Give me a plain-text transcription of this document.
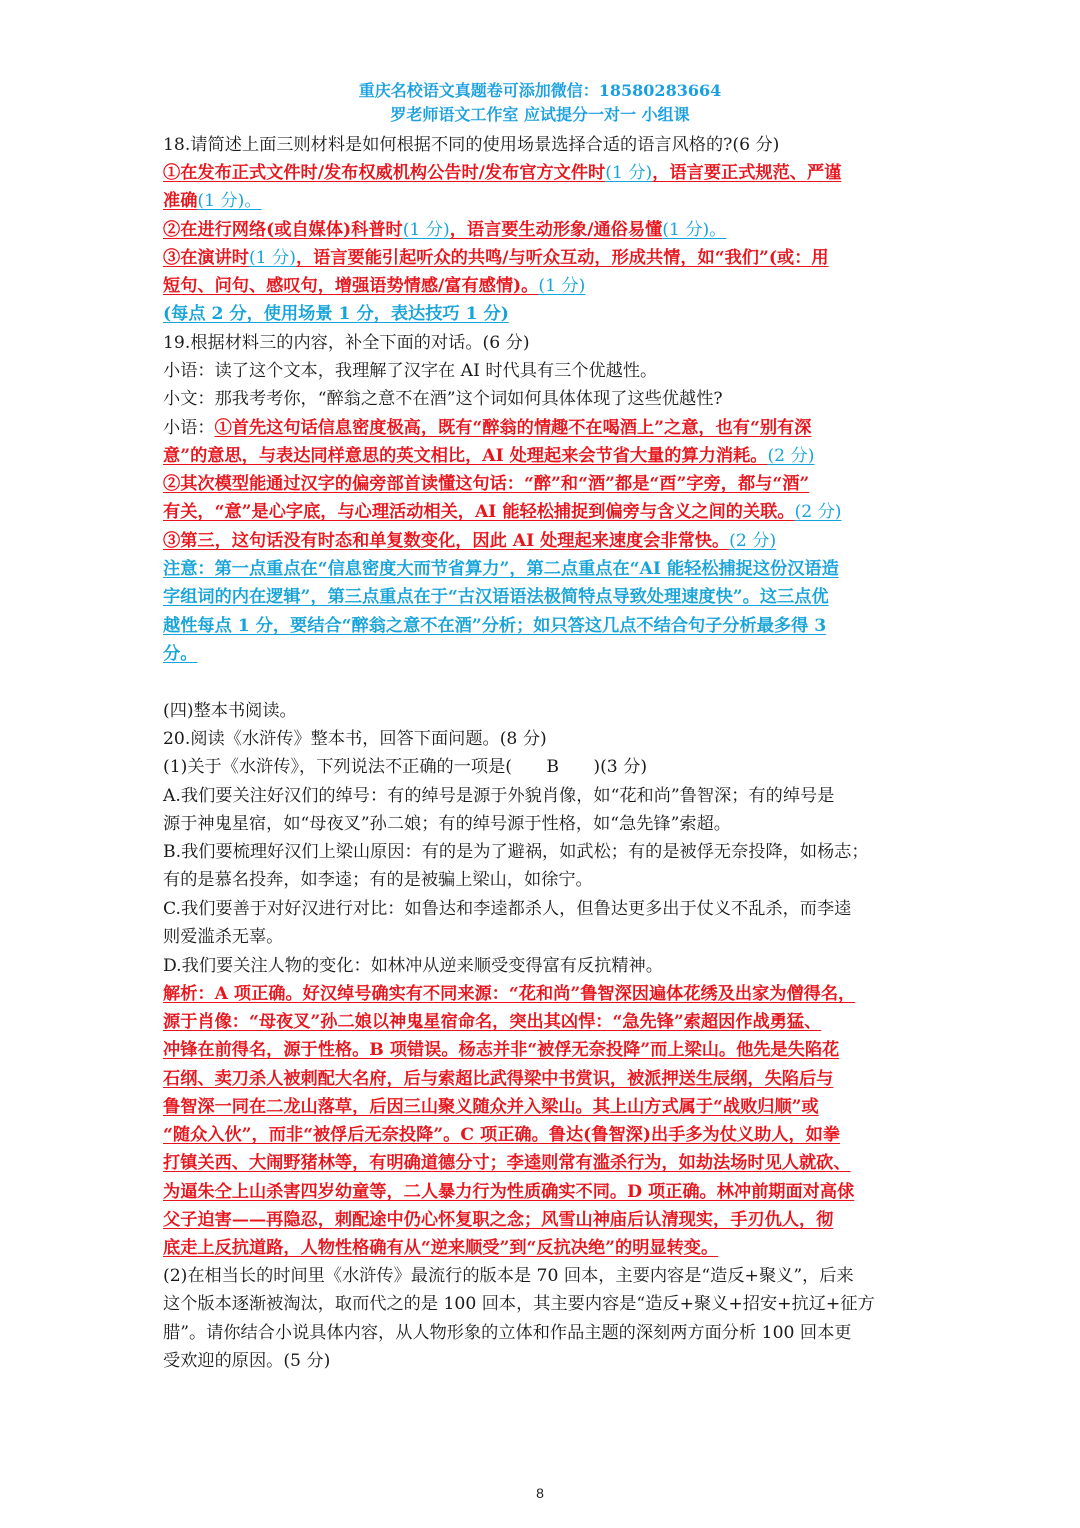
重庆名校语文真题卷可添加微信：18580283664
罗老师语文工作室 应试提分一对一 小组课
18.请简述上面三则材料是如何根据不同的使用场景选择合适的语言风格的?(6 分)
①在发布正式文件时/发布权威机构公告时/发布官方文件时(1 分)，语言要正式规范、严谨
准确(1 分)。
②在进行网络(或自媒体)科普时(1 分)，语言要生动形象/通俗易懂(1 分)。
③在演讲时(1 分)，语言要能引起听众的共鸣/与听众互动，形成共情，如“我们”(或：用
短句、问句、感叹句，增强语势情感/富有感情)。(1 分)
(每点 2 分，使用场景 1 分，表达技巧 1 分)
19.根据材料三的内容，补全下面的对话。(6 分)
小语：读了这个文本，我理解了汉字在 AI 时代具有三个优越性。
小文：那我考考你，“醉翁之意不在酒”这个词如何具体体现了这些优越性?
小语：①首先这句话信息密度极高，既有“醉翁的情趣不在喝酒上”之意，也有“别有深
意”的意思，与表达同样意思的英文相比，AI 处理起来会节省大量的算力消耗。(2 分)
②其次模型能通过汉字的偏旁部首读懂这句话：“醉”和“酒”都是“酉”字旁，都与“酒”
有关，“意”是心字底，与心理活动相关，AI 能轻松捕捉到偏旁与含义之间的关联。(2 分)
③第三，这句话没有时态和单复数变化，因此 AI 处理起来速度会非常快。(2 分)
注意：第一点重点在“信息密度大而节省算力”，第二点重点在“AI 能轻松捕捉这份汉语造
字组词的内在逻辑”，第三点重点在于“古汉语语法极简特点导致处理速度快”。这三点优
越性每点 1 分，要结合“醉翁之意不在酒”分析；如只答这几点不结合句子分析最多得 3
分。
(四)整本书阅读。
20.阅读《水浒传》整本书，回答下面问题。(8 分)
(1)关于《水浒传》，下列说法不正确的一项是(　　B　　)(3 分)
A.我们要关注好汉们的绰号：有的绰号是源于外貌肖像，如“花和尚”鲁智深；有的绰号是
源于神鬼星宿，如“母夜叉”孙二娘；有的绰号源于性格，如“急先锋”索超。
B.我们要梳理好汉们上梁山原因：有的是为了避祸，如武松；有的是被俘无奈投降，如杨志；
有的是慕名投奔，如李逵；有的是被骗上梁山，如徐宁。
C.我们要善于对好汉进行对比：如鲁达和李逵都杀人，但鲁达更多出于仗义不乱杀，而李逵
则爱滥杀无辜。
D.我们要关注人物的变化：如林冲从逆来顺受变得富有反抗精神。
解析：A 项正确。好汉绰号确实有不同来源：“花和尚”鲁智深因遍体花绣及出家为僧得名，
源于肖像：“母夜叉”孙二娘以神鬼星宿命名，突出其凶悍：“急先锋”索超因作战勇猛、
冲锋在前得名，源于性格。B 项错误。杨志并非“被俘无奈投降”而上梁山。他先是失陷花
石纲、卖刀杀人被刺配大名府，后与索超比武得梁中书赏识，被派押送生辰纲，失陷后与
鲁智深一同在二龙山落草，后因三山聚义随众并入梁山。其上山方式属于“战败归顺”或
“随众入伙”，而非“被俘后无奈投降”。C 项正确。鲁达(鲁智深)出手多为仗义助人，如拳
打镇关西、大闹野猪林等，有明确道德分寸；李逵则常有滥杀行为，如劫法场时见人就砍、
为逼朱仝上山杀害四岁幼童等，二人暴力行为性质确实不同。D 项正确。林冲前期面对高俅
父子迫害——再隐忍，刺配途中仍心怀复职之念；风雪山神庙后认清现实，手刃仇人，彻
底走上反抗道路，人物性格确有从“逆来顺受”到“反抗决绝”的明显转变。
(2)在相当长的时间里《水浒传》最流行的版本是 70 回本，主要内容是“造反+聚义”，后来
这个版本逐渐被淘汰，取而代之的是 100 回本，其主要内容是“造反+聚义+招安+抗辽+征方
腊”。请你结合小说具体内容，从人物形象的立体和作品主题的深刻两方面分析 100 回本更
受欢迎的原因。(5 分)
8
